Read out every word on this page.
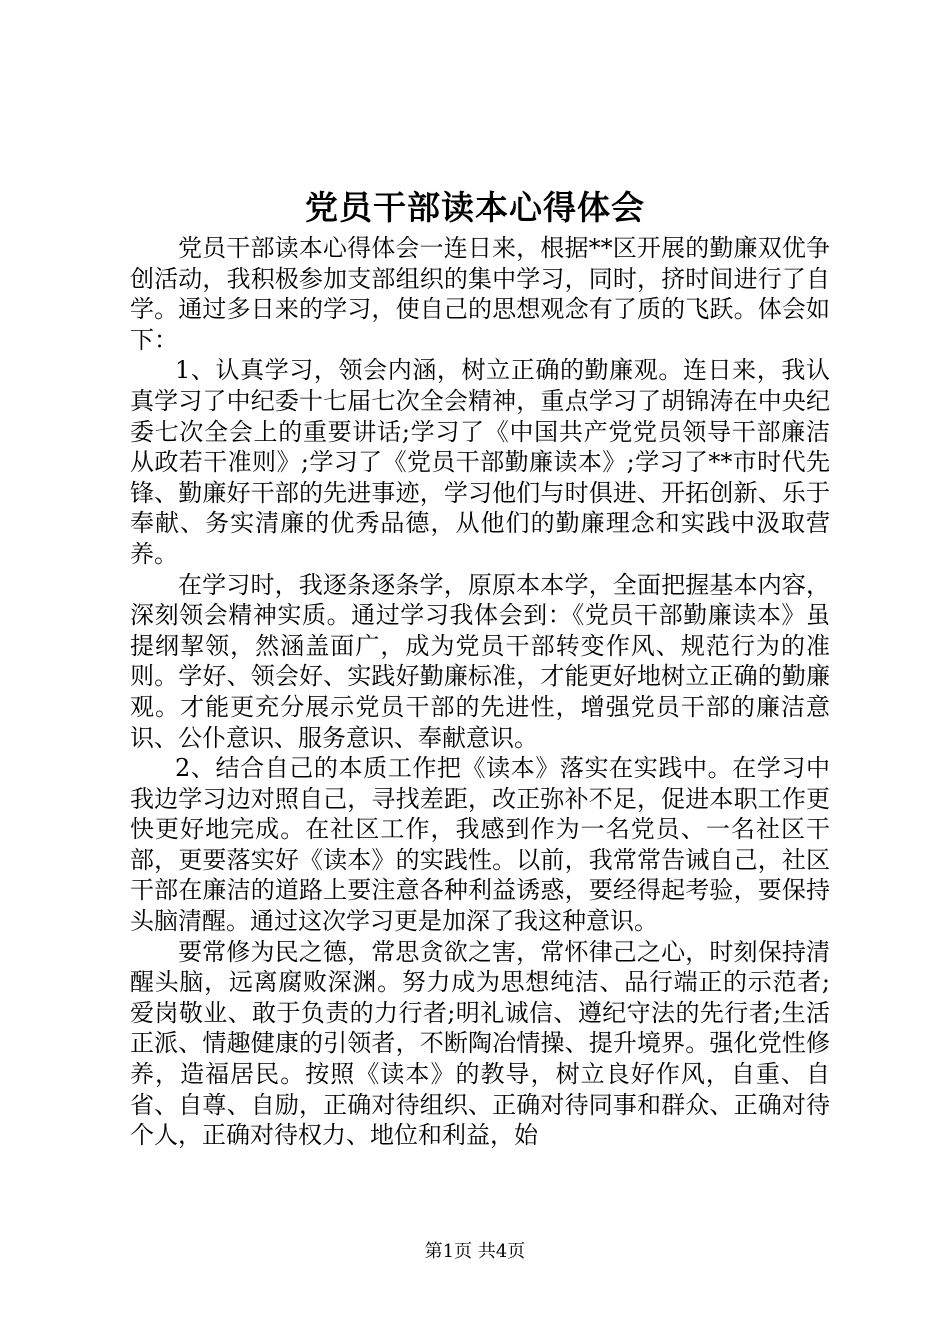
党员干部读本心得体会

党员干部读本心得体会一连日来，根据**区开展的勤廉双优争创活动，我积极参加支部组织的集中学习，同时，挤时间进行了自学。通过多日来的学习，使自己的思想观念有了质的飞跃。体会如下：

1、认真学习，领会内涵，树立正确的勤廉观。连日来，我认真学习了中纪委十七届七次全会精神，重点学习了胡锦涛在中央纪委七次全会上的重要讲话;学习了《中国共产党党员领导干部廉洁从政若干准则》;学习了《党员干部勤廉读本》;学习了**市时代先锋、勤廉好干部的先进事迹，学习他们与时俱进、开拓创新、乐于奉献、务实清廉的优秀品德，从他们的勤廉理念和实践中汲取营养。

在学习时，我逐条逐条学，原原本本学，全面把握基本内容，深刻领会精神实质。通过学习我体会到：《党员干部勤廉读本》虽提纲挈领，然涵盖面广，成为党员干部转变作风、规范行为的准则。学好、领会好、实践好勤廉标准，才能更好地树立正确的勤廉观。才能更充分展示党员干部的先进性，增强党员干部的廉洁意识、公仆意识、服务意识、奉献意识。

2、结合自己的本质工作把《读本》落实在实践中。在学习中我边学习边对照自己，寻找差距，改正弥补不足，促进本职工作更快更好地完成。在社区工作，我感到作为一名党员、一名社区干部，更要落实好《读本》的实践性。以前，我常常告诫自己，社区干部在廉洁的道路上要注意各种利益诱惑，要经得起考验，要保持头脑清醒。通过这次学习更是加深了我这种意识。

要常修为民之德，常思贪欲之害，常怀律己之心，时刻保持清醒头脑，远离腐败深渊。努力成为思想纯洁、品行端正的示范者;爱岗敬业、敢于负责的力行者;明礼诚信、遵纪守法的先行者;生活正派、情趣健康的引领者，不断陶冶情操、提升境界。强化党性修养，造福居民。按照《读本》的教导，树立良好作风，自重、自省、自尊、自励，正确对待组织、正确对待同事和群众、正确对待个人，正确对待权力、地位和利益，始

第1页 共4页
